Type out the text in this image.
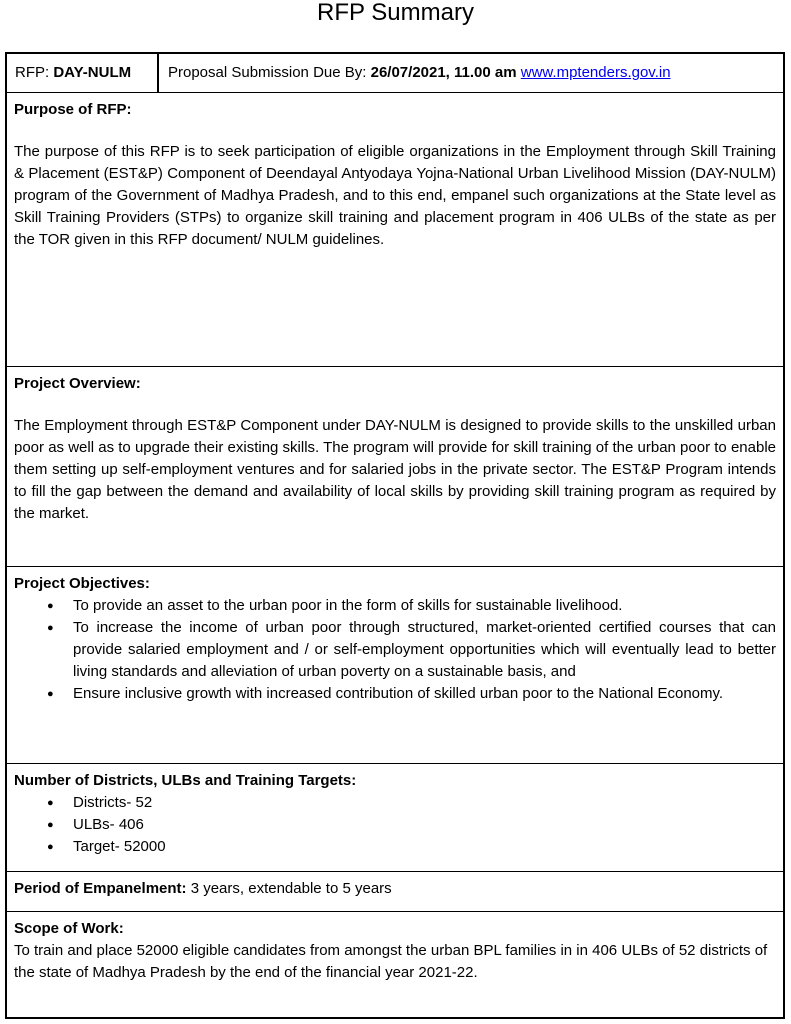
RFP Summary
RFP: DAY-NULM	Proposal Submission Due By: 26/07/2021, 11.00 am www.mptenders.gov.in
Purpose of RFP:
The purpose of this RFP is to seek participation of eligible organizations in the Employment through Skill Training & Placement (EST&P) Component of Deendayal Antyodaya Yojna-National Urban Livelihood Mission (DAY-NULM) program of the Government of Madhya Pradesh, and to this end, empanel such organizations at the State level as Skill Training Providers (STPs) to organize skill training and placement program in 406 ULBs of the state as per the TOR given in this RFP document/ NULM guidelines.
Project Overview:
The Employment through EST&P Component under DAY-NULM is designed to provide skills to the unskilled urban poor as well as to upgrade their existing skills. The program will provide for skill training of the urban poor to enable them setting up self-employment ventures and for salaried jobs in the private sector. The EST&P Program intends to fill the gap between the demand and availability of local skills by providing skill training program as required by the market.
Project Objectives:
● To provide an asset to the urban poor in the form of skills for sustainable livelihood.
● To increase the income of urban poor through structured, market-oriented certified courses that can provide salaried employment and / or self-employment opportunities which will eventually lead to better living standards and alleviation of urban poverty on a sustainable basis, and
● Ensure inclusive growth with increased contribution of skilled urban poor to the National Economy.
Number of Districts, ULBs and Training Targets:
● Districts- 52
● ULBs- 406
● Target- 52000
Period of Empanelment: 3 years, extendable to 5 years
Scope of Work:
To train and place 52000 eligible candidates from amongst the urban BPL families in in 406 ULBs of 52 districts of the state of Madhya Pradesh by the end of the financial year 2021-22.
